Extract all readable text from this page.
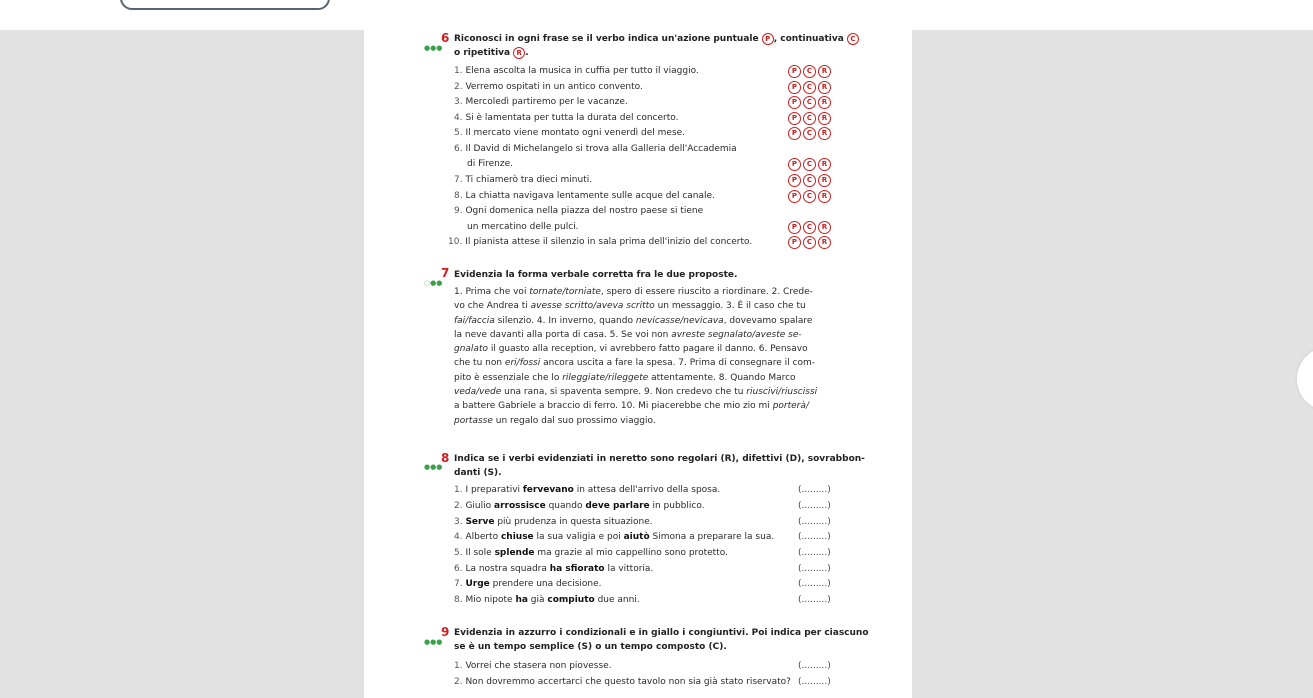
6
●●●
Riconosci in ogni frase se il verbo indica un'azione puntuale P , continuativa C
o ripetitiva R .
1. Elena ascolta la musica in cuffia per tutto il viaggio.	P C R
2. Verremo ospitati in un antico convento.	P C R
3. Mercoledì partiremo per le vacanze.	P C R
4. Si è lamentata per tutta la durata del concerto.	P C R
5. Il mercato viene montato ogni venerdì del mese.	P C R
6. Il David di Michelangelo si trova alla Galleria dell'Accademia
di Firenze.	P C R
7. Ti chiamerò tra dieci minuti.	P C R
8. La chiatta navigava lentamente sulle acque del canale.	P C R
9. Ogni domenica nella piazza del nostro paese si tiene
un mercatino delle pulci.	P C R
10. Il pianista attese il silenzio in sala prima dell'inizio del concerto.	P C R
7
○●●
Evidenzia la forma verbale corretta fra le due proposte.
1. Prima che voi tornate/torniate, spero di essere riuscito a riordinare. 2. Crede-
vo che Andrea ti avesse scritto/aveva scritto un messaggio. 3. È il caso che tu
fai/faccia silenzio. 4. In inverno, quando nevicasse/nevicava, dovevamo spalare
la neve davanti alla porta di casa. 5. Se voi non avreste segnalato/aveste se-
gnalato il guasto alla reception, vi avrebbero fatto pagare il danno. 6. Pensavo
che tu non eri/fossi ancora uscita a fare la spesa. 7. Prima di consegnare il com-
pito è essenziale che lo rileggiate/rileggete attentamente. 8. Quando Marco
veda/vede una rana, si spaventa sempre. 9. Non credevo che tu riuscivi/riuscissi
a battere Gabriele a braccio di ferro. 10. Mi piacerebbe che mio zio mi porterà/
portasse un regalo dal suo prossimo viaggio.
8
●●●
Indica se i verbi evidenziati in neretto sono regolari (R), difettivi (D), sovrabbon-
danti (S).
1. I preparativi fervevano in attesa dell'arrivo della sposa.	(.........)
2. Giulio arrossisce quando deve parlare in pubblico.	(.........)
3. Serve più prudenza in questa situazione.	(.........)
4. Alberto chiuse la sua valigia e poi aiutò Simona a preparare la sua.	(.........)
5. Il sole splende ma grazie al mio cappellino sono protetto.	(.........)
6. La nostra squadra ha sfiorato la vittoria.	(.........)
7. Urge prendere una decisione.	(.........)
8. Mio nipote ha già compiuto due anni.	(.........)
9
●●●
Evidenzia in azzurro i condizionali e in giallo i congiuntivi. Poi indica per ciascuno
se è un tempo semplice (S) o un tempo composto (C).
1. Vorrei che stasera non piovesse.	(.........)
2. Non dovremmo accertarci che questo tavolo non sia già stato riservato? (.........)
